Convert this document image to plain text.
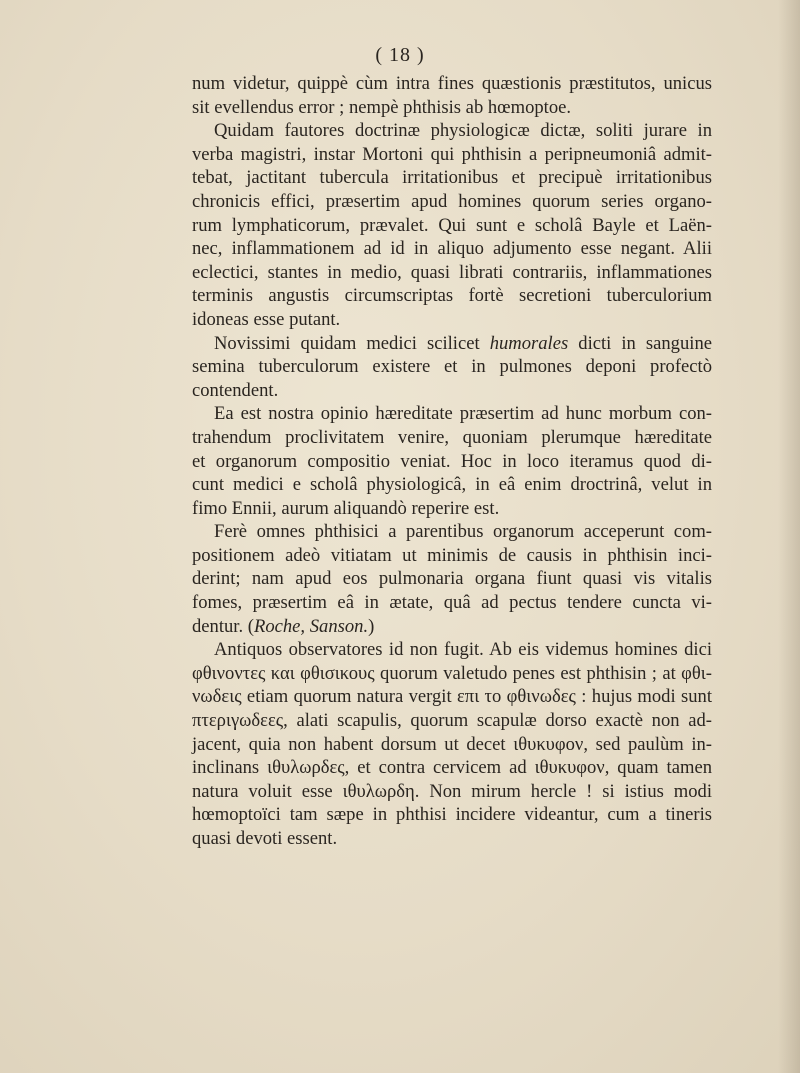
( 18 )
num videtur, quippè cùm intra fines quæstionis præstitutos, unicus
sit evellendus error ; nempè phthisis ab hœmoptoe.
Quidam fautores doctrinæ physiologicæ dictæ, soliti jurare in
verba magistri, instar Mortoni qui phthisin a peripneumoniâ admit-
tebat, jactitant tubercula irritationibus et precipuè irritationibus
chronicis effici, præsertim apud homines quorum series organo-
rum lymphaticorum, prævalet. Qui sunt e scholâ Bayle et Laën-
nec, inflammationem ad id in aliquo adjumento esse negant. Alii
eclectici, stantes in medio, quasi librati contrariis, inflammationes
terminis angustis circumscriptas fortè secretioni tuberculorium
idoneas esse putant.
Novissimi quidam medici scilicet humorales dicti in sanguine
semina tuberculorum existere et in pulmones deponi profectò
contendent.
Ea est nostra opinio hæreditate præsertim ad hunc morbum con-
trahendum proclivitatem venire, quoniam plerumque hæreditate
et organorum compositio veniat. Hoc in loco iteramus quod di-
cunt medici e scholâ physiologicâ, in eâ enim droctrinâ, velut in
fimo Ennii, aurum aliquandò reperire est.
Ferè omnes phthisici a parentibus organorum acceperunt com-
positionem adeò vitiatam ut minimis de causis in phthisin inci-
derint; nam apud eos pulmonaria organa fiunt quasi vis vitalis
fomes, præsertim eâ in ætate, quâ ad pectus tendere cuncta vi-
dentur. (Roche, Sanson.)
Antiquos observatores id non fugit. Ab eis videmus homines dici
φθινοντες και φθισικους quorum valetudo penes est phthisin ; at φθι-
νωδεις etiam quorum natura vergit επι το φθινωδες : hujus modi sunt
πτεριγωδεες, alati scapulis, quorum scapulæ dorso exactè non ad-
jacent, quia non habent dorsum ut decet ιθυκυφον, sed paulùm in-
inclinans ιθυλωρδες, et contra cervicem ad ιθυκυφον, quam tamen
natura voluit esse ιθυλωρδη. Non mirum hercle ! si istius modi
hœmoptoïci tam sæpe in phthisi incidere videantur, cum a tineris
quasi devoti essent.
